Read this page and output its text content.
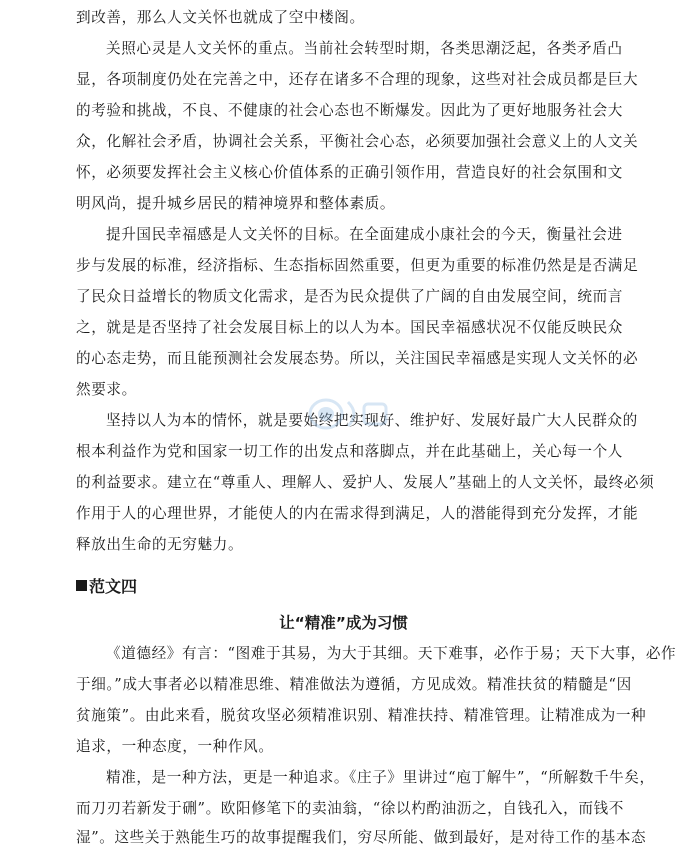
到改善，那么人文关怀也就成了空中楼阁。
关照心灵是人文关怀的重点。当前社会转型时期，各类思潮泛起，各类矛盾凸
显，各项制度仍处在完善之中，还存在诸多不合理的现象，这些对社会成员都是巨大
的考验和挑战，不良、不健康的社会心态也不断爆发。因此为了更好地服务社会大
众，化解社会矛盾，协调社会关系，平衡社会心态，必须要加强社会意义上的人文关
怀，必须要发挥社会主义核心价值体系的正确引领作用，营造良好的社会氛围和文
明风尚，提升城乡居民的精神境界和整体素质。
提升国民幸福感是人文关怀的目标。在全面建成小康社会的今天，衡量社会进
步与发展的标准，经济指标、生态指标固然重要，但更为重要的标准仍然是是否满足
了民众日益增长的物质文化需求，是否为民众提供了广阔的自由发展空间，统而言
之，就是是否坚持了社会发展目标上的以人为本。国民幸福感状况不仅能反映民众
的心态走势，而且能预测社会发展态势。所以，关注国民幸福感是实现人文关怀的必
然要求。
坚持以人为本的情怀，就是要始终把实现好、维护好、发展好最广大人民群众的
根本利益作为党和国家一切工作的出发点和落脚点，并在此基础上，关心每一个人
的利益要求。建立在“尊重人、理解人、爱护人、发展人”基础上的人文关怀，最终必须
作用于人的心理世界，才能使人的内在需求得到满足，人的潜能得到充分发挥，才能
释放出生命的无穷魅力。
范文四
让“精准”成为习惯
《道德经》有言：“图难于其易，为大于其细。天下难事，必作于易；天下大事，必作
于细。”成大事者必以精准思维、精准做法为遵循，方见成效。精准扶贫的精髓是“因
贫施策”。由此来看，脱贫攻坚必须精准识别、精准扶持、精准管理。让精准成为一种
追求，一种态度，一种作风。
精准，是一种方法，更是一种追求。《庄子》里讲过“庖丁解牛”，“所解数千牛矣，
而刀刃若新发于硎”。欧阳修笔下的卖油翁，“徐以杓酌油沥之，自钱孔入，而钱不
湿”。这些关于熟能生巧的故事提醒我们，穷尽所能、做到最好，是对待工作的基本态
